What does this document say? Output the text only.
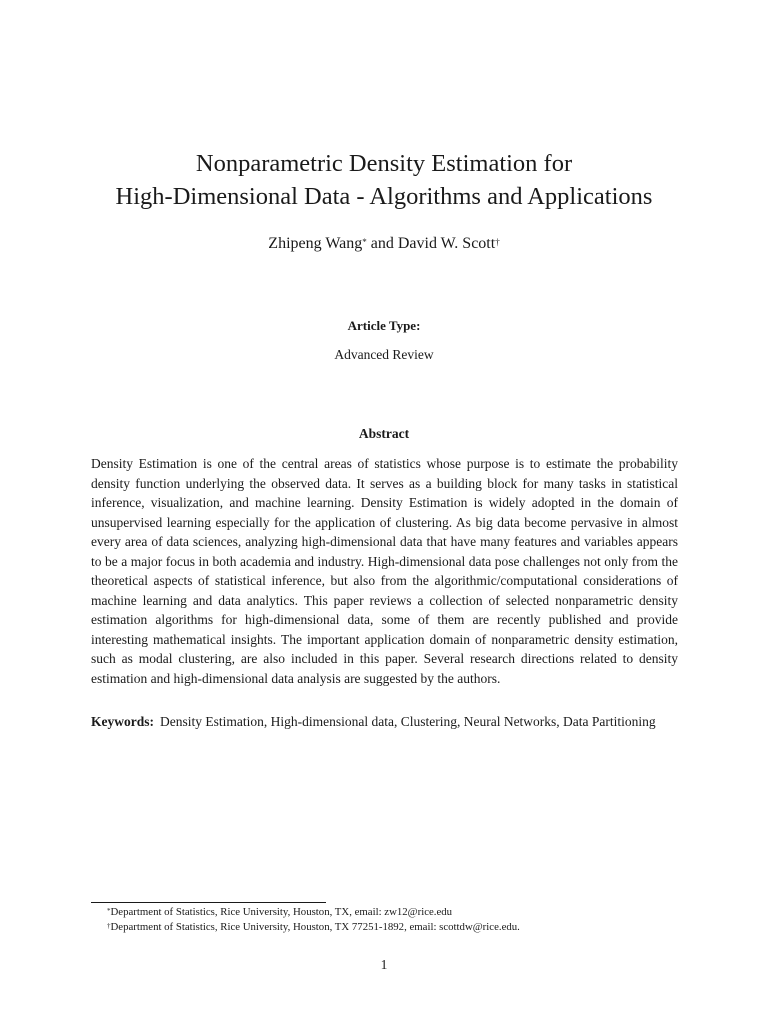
Nonparametric Density Estimation for
High-Dimensional Data - Algorithms and Applications
Zhipeng Wang* and David W. Scott†
Article Type:
Advanced Review
Abstract

Density Estimation is one of the central areas of statistics whose purpose is to estimate the probability density function underlying the observed data. It serves as a building block for many tasks in statistical inference, visualization, and machine learning. Density Estimation is widely adopted in the domain of unsupervised learning especially for the application of clustering. As big data become pervasive in almost every area of data sciences, analyzing high-dimensional data that have many features and variables appears to be a major focus in both academia and industry. High-dimensional data pose challenges not only from the theoretical aspects of statistical inference, but also from the algorithmic/computational considerations of machine learning and data analytics. This paper reviews a collection of selected nonparametric density estimation algorithms for high-dimensional data, some of them are recently published and provide interesting mathematical insights. The important application domain of nonparametric density estimation, such as modal clustering, are also included in this paper. Several research directions related to density estimation and high-dimensional data analysis are suggested by the authors.

Keywords: Density Estimation, High-dimensional data, Clustering, Neural Networks, Data Partitioning

*Department of Statistics, Rice University, Houston, TX, email: zw12@rice.edu
†Department of Statistics, Rice University, Houston, TX 77251-1892, email: scottdw@rice.edu.
1
